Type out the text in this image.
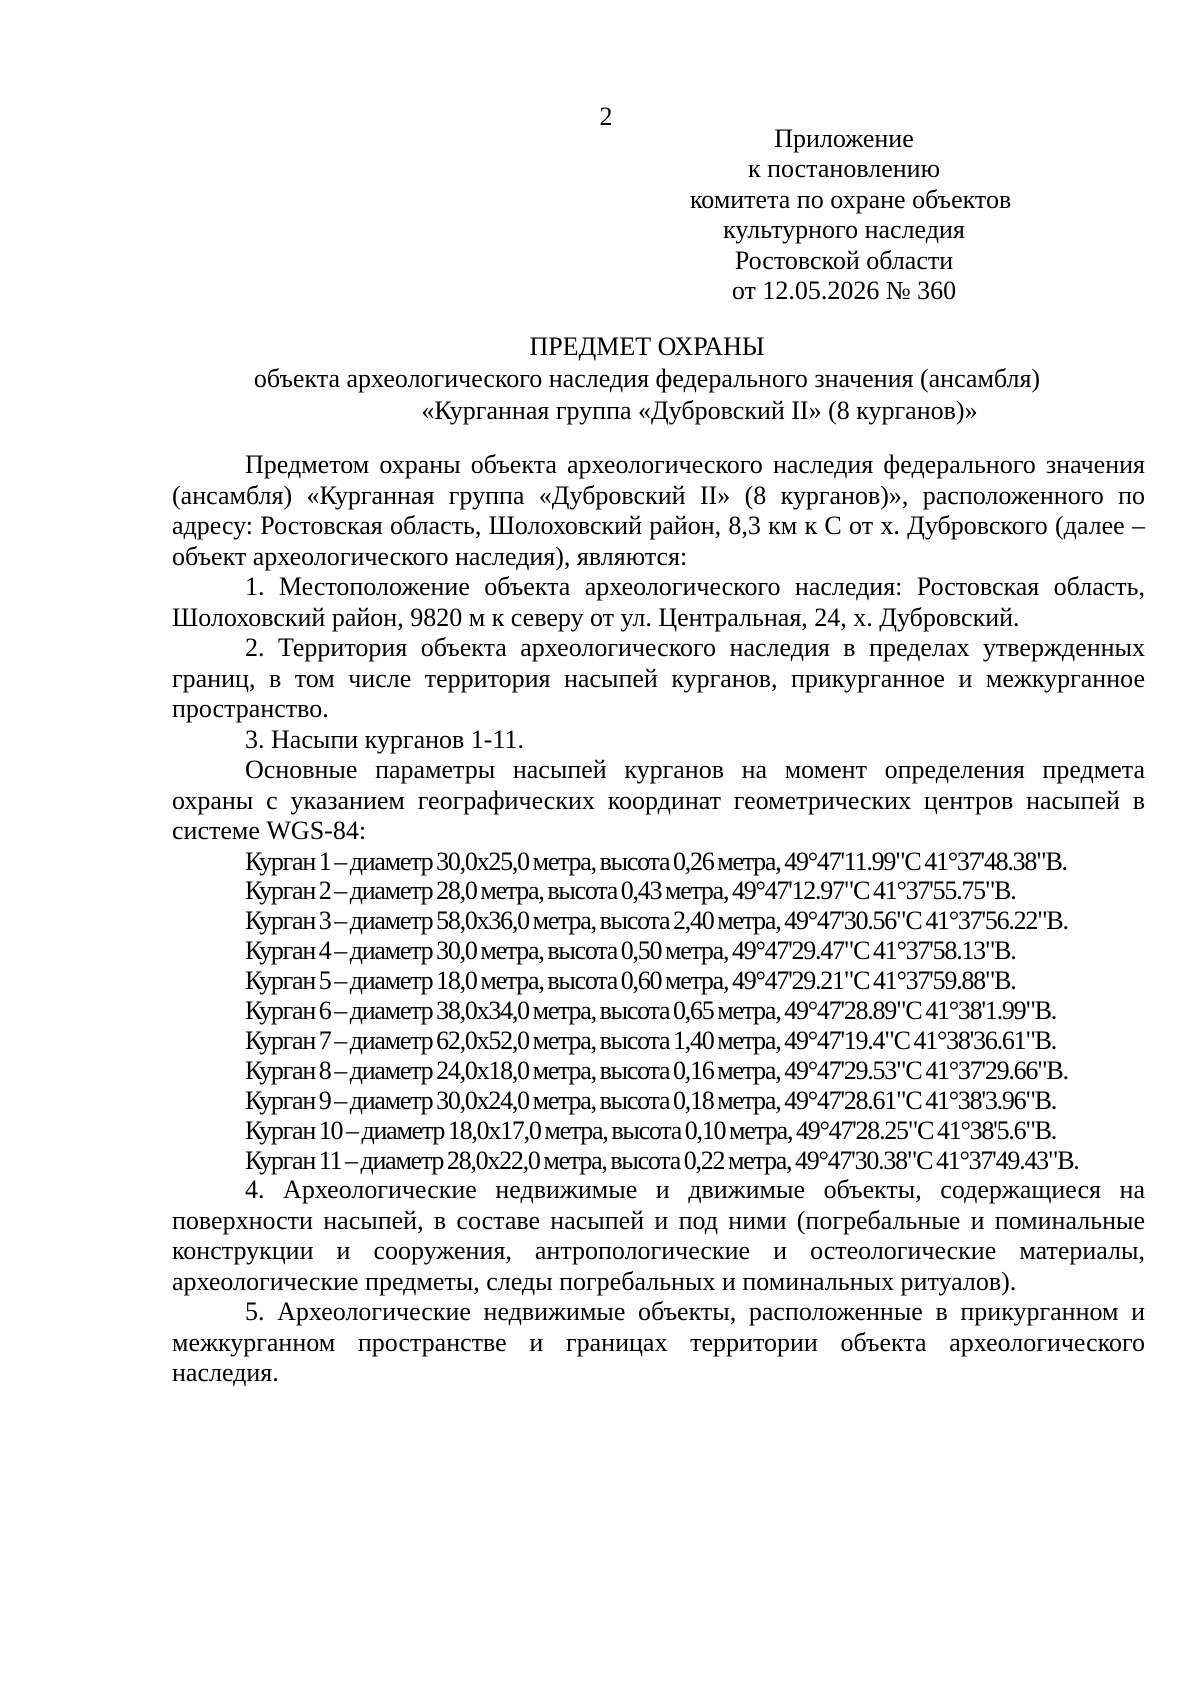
2
Приложение
к постановлению
комитета по охране объектов
культурного наследия
Ростовской области
от 12.05.2026 № 360
ПРЕДМЕТ ОХРАНЫ
объекта археологического наследия федерального значения (ансамбля)
«Курганная группа «Дубровский II» (8 курганов)»
Предметом охраны объекта археологического наследия федерального значения (ансамбля) «Курганная группа «Дубровский II» (8 курганов)», расположенного по адресу: Ростовская область, Шолоховский район, 8,3 км к С от х. Дубровского (далее – объект археологического наследия), являются:
1. Местоположение объекта археологического наследия: Ростовская область, Шолоховский район, 9820 м к северу от ул. Центральная, 24, х. Дубровский.
2. Территория объекта археологического наследия в пределах утвержденных границ, в том числе территория насыпей курганов, прикурганное и межкурганное пространство.
3. Насыпи курганов 1-11.
Основные параметры насыпей курганов на момент определения предмета охраны с указанием географических координат геометрических центров насыпей в системе WGS-84:
Курган 1 – диаметр 30,0x25,0 метра, высота 0,26 метра, 49°47'11.99"С 41°37'48.38"В.
Курган 2 – диаметр 28,0 метра, высота 0,43 метра, 49°47'12.97"С 41°37'55.75"В.
Курган 3 – диаметр 58,0x36,0 метра, высота 2,40 метра, 49°47'30.56"С 41°37'56.22"В.
Курган 4 – диаметр 30,0 метра, высота 0,50 метра, 49°47'29.47"С 41°37'58.13"В.
Курган 5 – диаметр 18,0 метра, высота 0,60 метра, 49°47'29.21"С 41°37'59.88"В.
Курган 6 – диаметр 38,0x34,0 метра, высота 0,65 метра, 49°47'28.89"С 41°38'1.99"В.
Курган 7 – диаметр 62,0x52,0 метра, высота 1,40 метра, 49°47'19.4"С 41°38'36.61"В.
Курган 8 – диаметр 24,0x18,0 метра, высота 0,16 метра, 49°47'29.53"С 41°37'29.66"В.
Курган 9 – диаметр 30,0x24,0 метра, высота 0,18 метра, 49°47'28.61"С 41°38'3.96"В.
Курган 10 – диаметр 18,0x17,0 метра, высота 0,10 метра, 49°47'28.25"С 41°38'5.6"В.
Курган 11 – диаметр 28,0x22,0 метра, высота 0,22 метра, 49°47'30.38"С 41°37'49.43"В.
4. Археологические недвижимые и движимые объекты, содержащиеся на поверхности насыпей, в составе насыпей и под ними (погребальные и поминальные конструкции и сооружения, антропологические и остеологические материалы, археологические предметы, следы погребальных и поминальных ритуалов).
5. Археологические недвижимые объекты, расположенные в прикурганном и межкурганном пространстве и границах территории объекта археологического наследия.
